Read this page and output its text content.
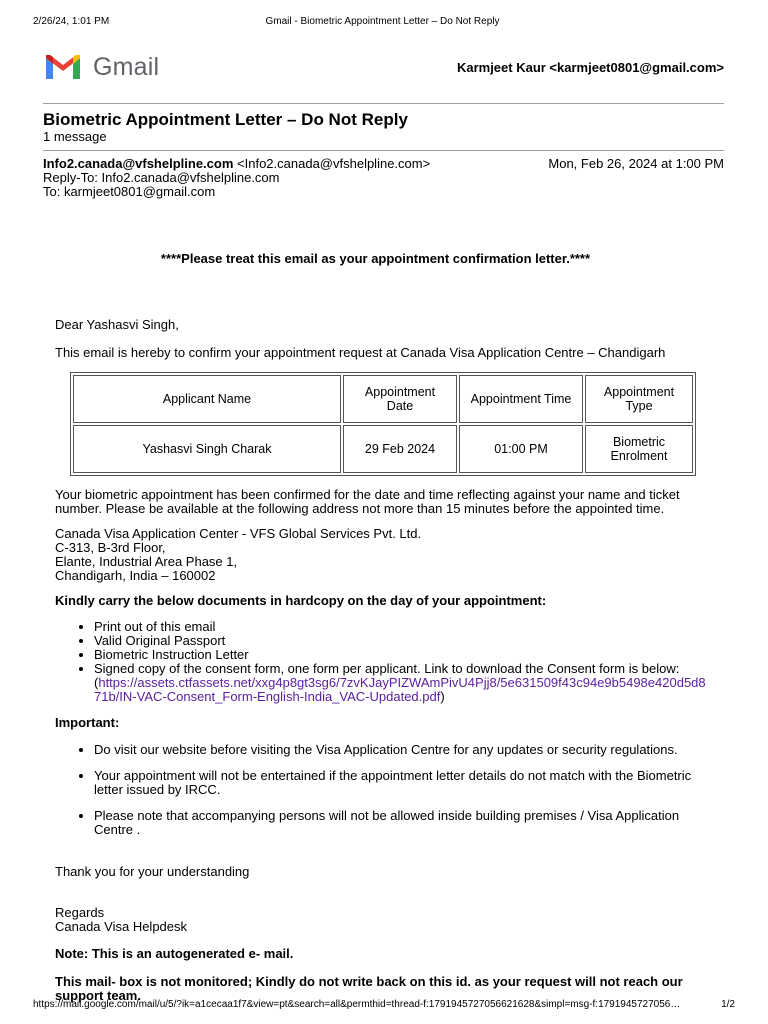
2/26/24, 1:01 PM	Gmail - Biometric Appointment Letter – Do Not Reply
Gmail	Karmjeet Kaur <karmjeet0801@gmail.com>
Biometric Appointment Letter – Do Not Reply
1 message
Info2.canada@vfshelpline.com <Info2.canada@vfshelpline.com>	Mon, Feb 26, 2024 at 1:00 PM
Reply-To: Info2.canada@vfshelpline.com
To: karmjeet0801@gmail.com

****Please treat this email as your appointment confirmation letter.****

Dear Yashasvi Singh,

This email is hereby to confirm your appointment request at Canada Visa Application Centre – Chandigarh

Applicant Name	Appointment Date	Appointment Time	Appointment Type
Yashasvi Singh Charak	29 Feb 2024	01:00 PM	Biometric Enrolment

Your biometric appointment has been confirmed for the date and time reflecting against your name and ticket number. Please be available at the following address not more than 15 minutes before the appointed time.

Canada Visa Application Center - VFS Global Services Pvt. Ltd.
C-313, B-3rd Floor,
Elante, Industrial Area Phase 1,
Chandigarh, India – 160002

Kindly carry the below documents in hardcopy on the day of your appointment:

• Print out of this email
• Valid Original Passport
• Biometric Instruction Letter
• Signed copy of the consent form, one form per applicant. Link to download the Consent form is below:
(https://assets.ctfassets.net/xxg4p8gt3sg6/7zvKJayPIZWAmPivU4Pjj8/5e631509f43c94e9b5498e420d5d871b/IN-VAC-Consent_Form-English-India_VAC-Updated.pdf)

Important:

• Do visit our website before visiting the Visa Application Centre for any updates or security regulations.
• Your appointment will not be entertained if the appointment letter details do not match with the Biometric letter issued by IRCC.
• Please note that accompanying persons will not be allowed inside building premises / Visa Application Centre .

Thank you for your understanding

Regards

Canada Visa Helpdesk

Note: This is an autogenerated e- mail.

This mail- box is not monitored; Kindly do not write back on this id. as your request will not reach our support team.

https://mail.google.com/mail/u/5/?ik=a1cecaa1f7&view=pt&search=all&permthid=thread-f:1791945727056621628&simpl=msg-f:1791945727056…	1/2
